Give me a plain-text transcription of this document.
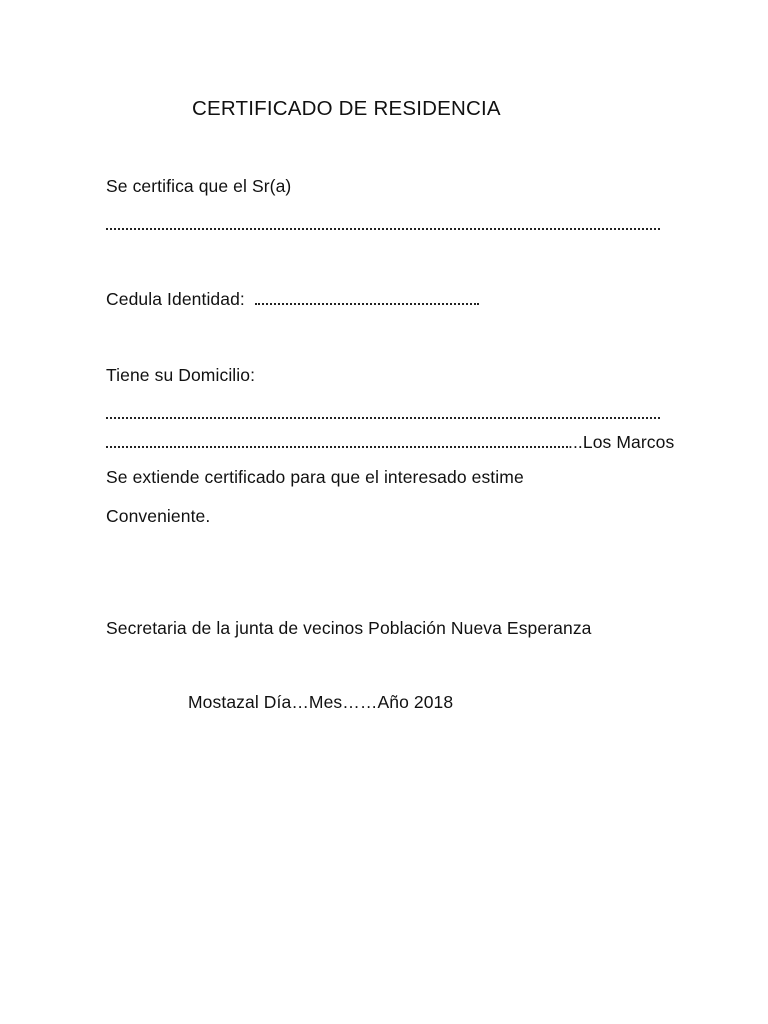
CERTIFICADO DE RESIDENCIA
Se certifica que el Sr(a)
Cedula Identidad:
Tiene su Domicilio:
...Los Marcos
Se extiende certificado para que el interesado estime
Conveniente.
Secretaria de la junta de vecinos Población Nueva Esperanza
Mostazal Día…Mes……Año 2018
